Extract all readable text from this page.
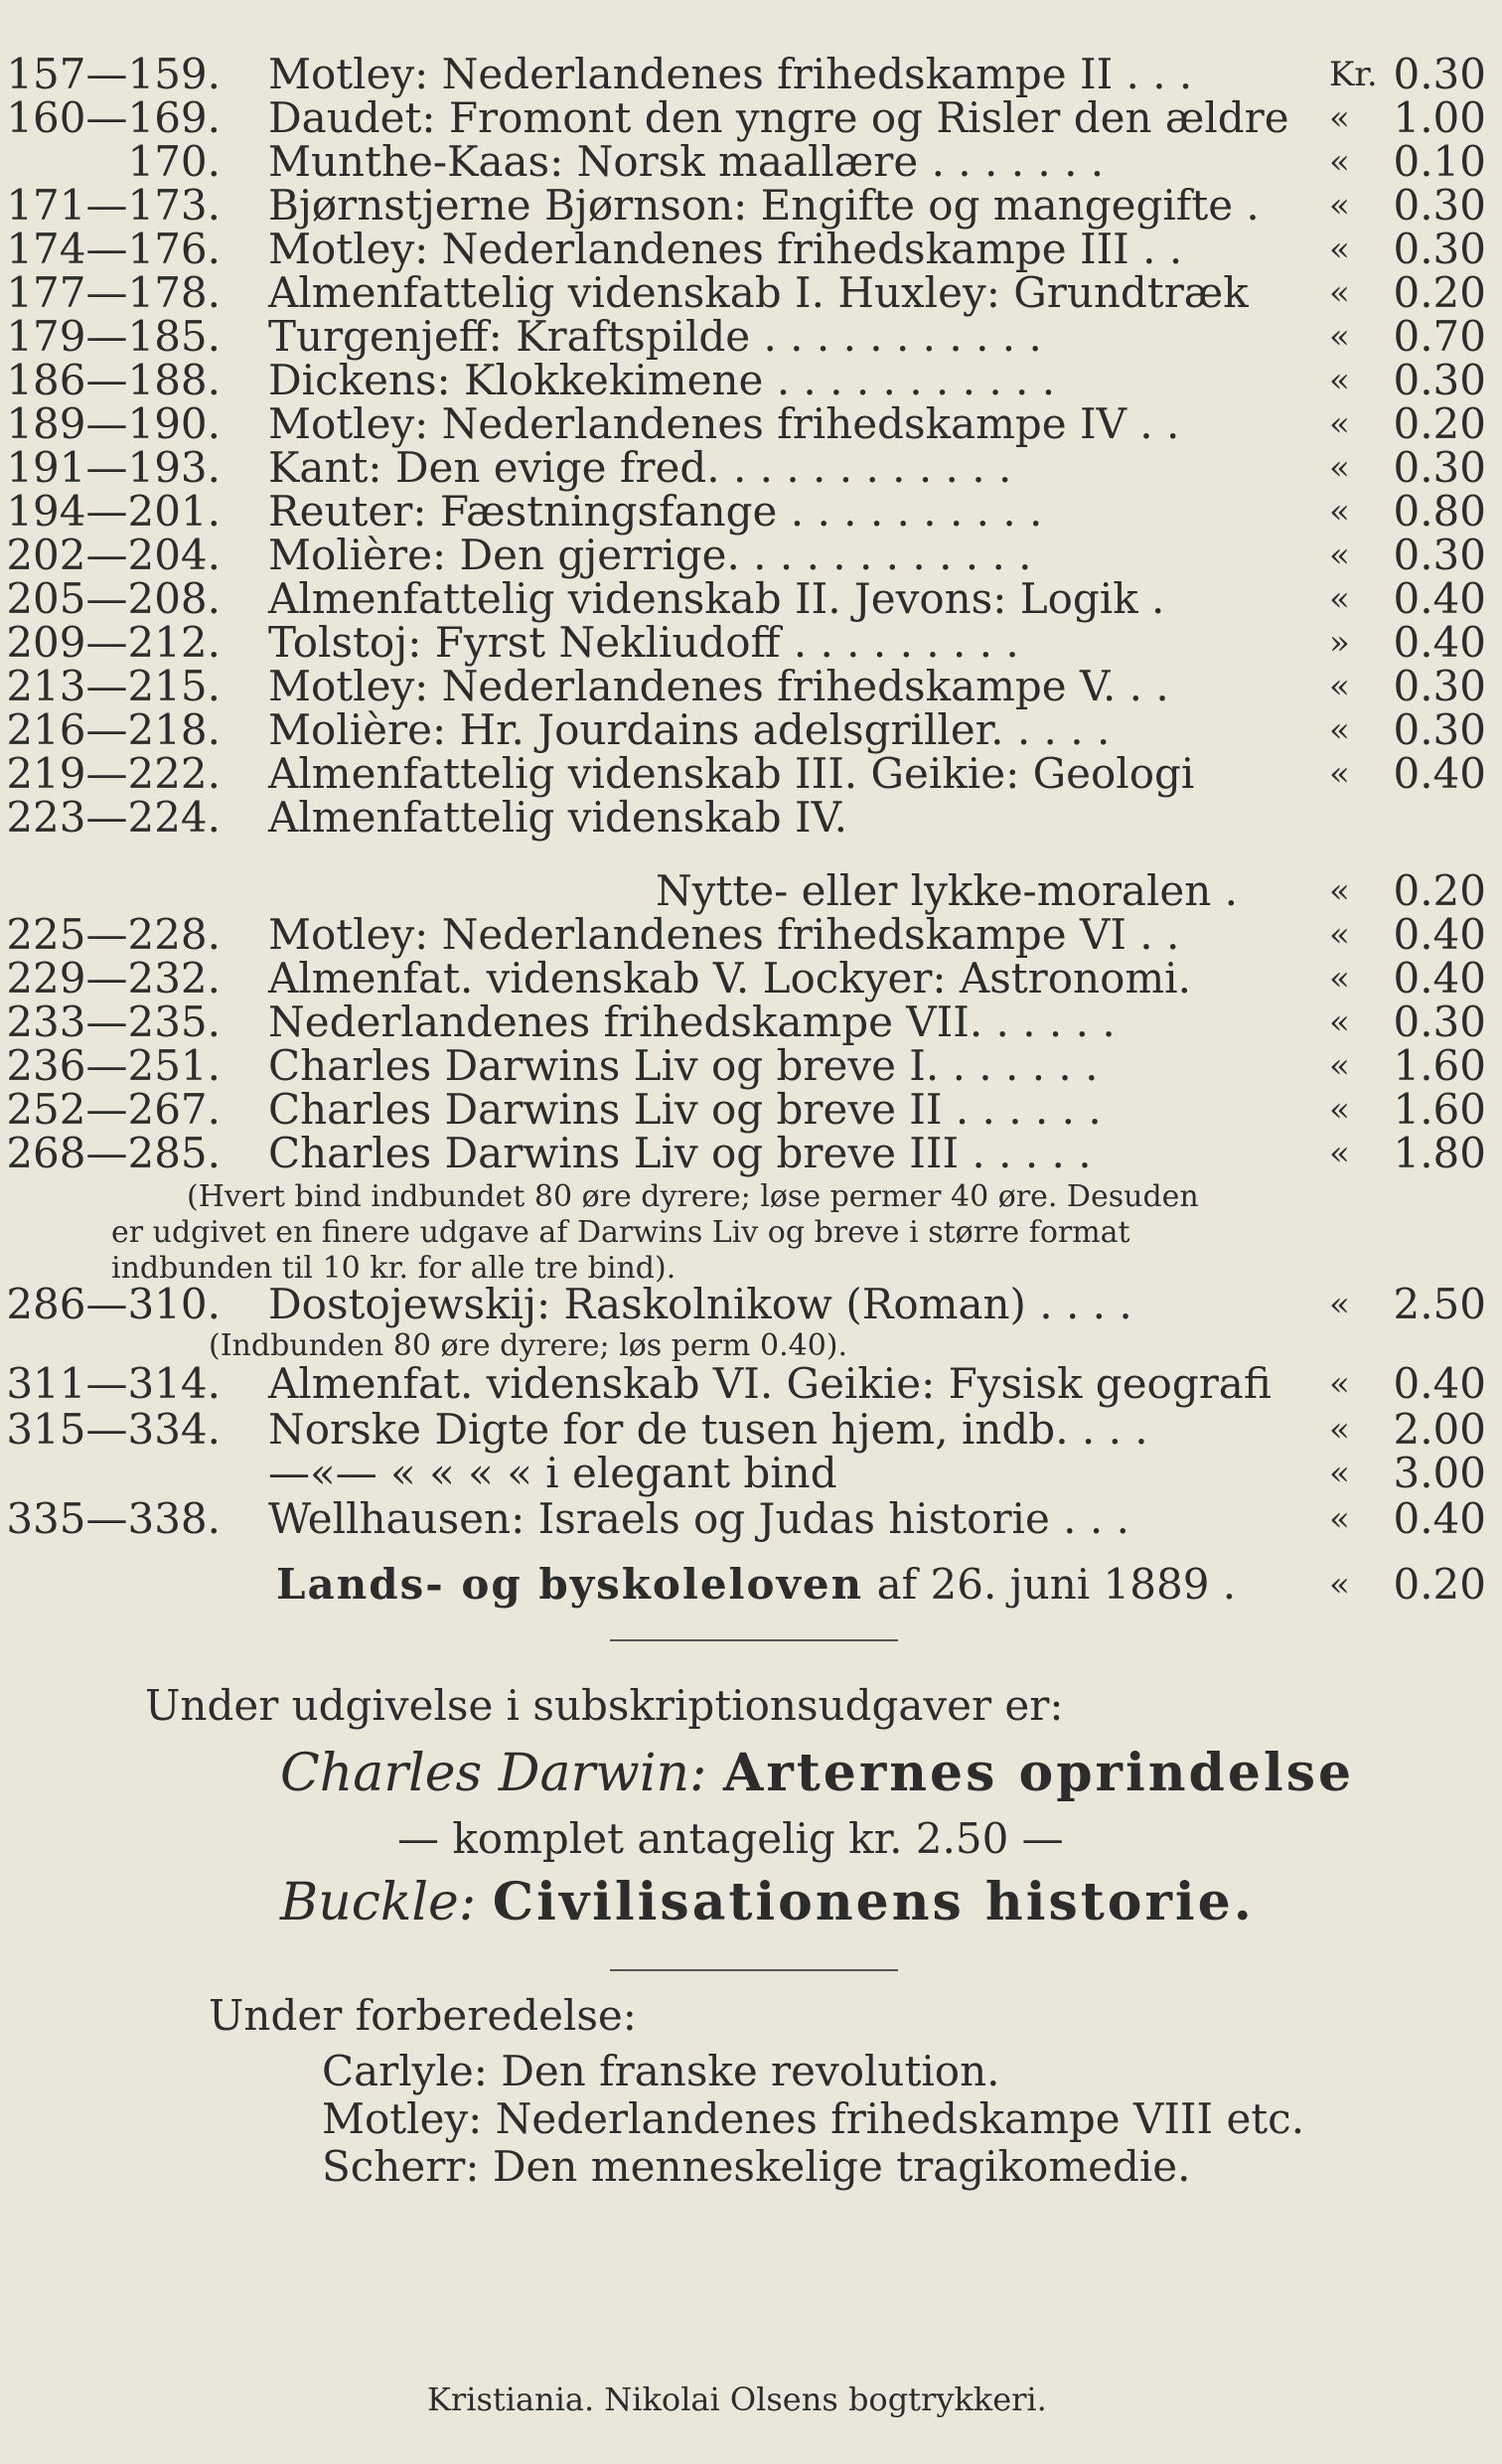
157—159. Motley: Nederlandenes frihedskampe II . . .	Kr. 0.30
160—169. Daudet: Fromont den yngre og Risler den ældre « 1.00
170. Munthe-Kaas: Norsk maallære . . . . . . .	« 0.10
171—173. Bjørnstjerne Bjørnson: Engifte og mangegifte . « 0.30
174—176. Motley: Nederlandenes frihedskampe III . .	« 0.30
177—178. Almenfattelig videnskab I. Huxley: Grundtræk « 0.20
179—185. Turgenjeff: Kraftspilde . . . . . . . . . . .	« 0.70
186—188. Dickens: Klokkekimene . . . . . . . . . . .	« 0.30
189—190. Motley: Nederlandenes frihedskampe IV . .	« 0.20
191—193. Kant: Den evige fred. . . . . . . . . . . .	« 0.30
194—201. Reuter: Fæstningsfange . . . . . . . . . .	« 0.80
202—204. Molière: Den gjerrige. . . . . . . . . . . .	« 0.30
205—208. Almenfattelig videnskab II. Jevons: Logik .	« 0.40
209—212. Tolstoj: Fyrst Nekliudoff . . . . . . . . .	» 0.40
213—215. Motley: Nederlandenes frihedskampe V. . .	« 0.30
216—218. Molière: Hr. Jourdains adelsgriller. . . . .	« 0.30
219—222. Almenfattelig videnskab III. Geikie: Geologi	« 0.40
223—224. Almenfattelig videnskab IV.
Nytte- eller lykke-moralen .	« 0.20
225—228. Motley: Nederlandenes frihedskampe VI . .	« 0.40
229—232. Almenfat. videnskab V. Lockyer: Astronomi.	« 0.40
233—235. Nederlandenes frihedskampe VII. . . . . .	« 0.30
236—251. Charles Darwins Liv og breve I. . . . . . .	« 1.60
252—267. Charles Darwins Liv og breve II . . . . . .	« 1.60
268—285. Charles Darwins Liv og breve III . . . . .	« 1.80
(Hvert bind indbundet 80 øre dyrere; løse permer 40 øre. Desuden
er udgivet en finere udgave af Darwins Liv og breve i større format
indbunden til 10 kr. for alle tre bind).
286—310. Dostojewskij: Raskolnikow (Roman) . . . .	« 2.50
(Indbunden 80 øre dyrere; løs perm 0.40).
311—314. Almenfat. videnskab VI. Geikie: Fysisk geografi « 0.40
315—334. Norske Digte for de tusen hjem, indb. . . .	« 2.00
—«— « « « « i elegant bind	« 3.00
335—338. Wellhausen: Israels og Judas historie . . .	« 0.40
Lands- og byskoleloven af 26. juni 1889 .	« 0.20
Under udgivelse i subskriptionsudgaver er:
Charles Darwin: Arternes oprindelse
— komplet antagelig kr. 2.50 —
Buckle: Civilisationens historie.
Under forberedelse:
Carlyle: Den franske revolution.
Motley: Nederlandenes frihedskampe VIII etc.
Scherr: Den menneskelige tragikomedie.
Kristiania. Nikolai Olsens bogtrykkeri.
